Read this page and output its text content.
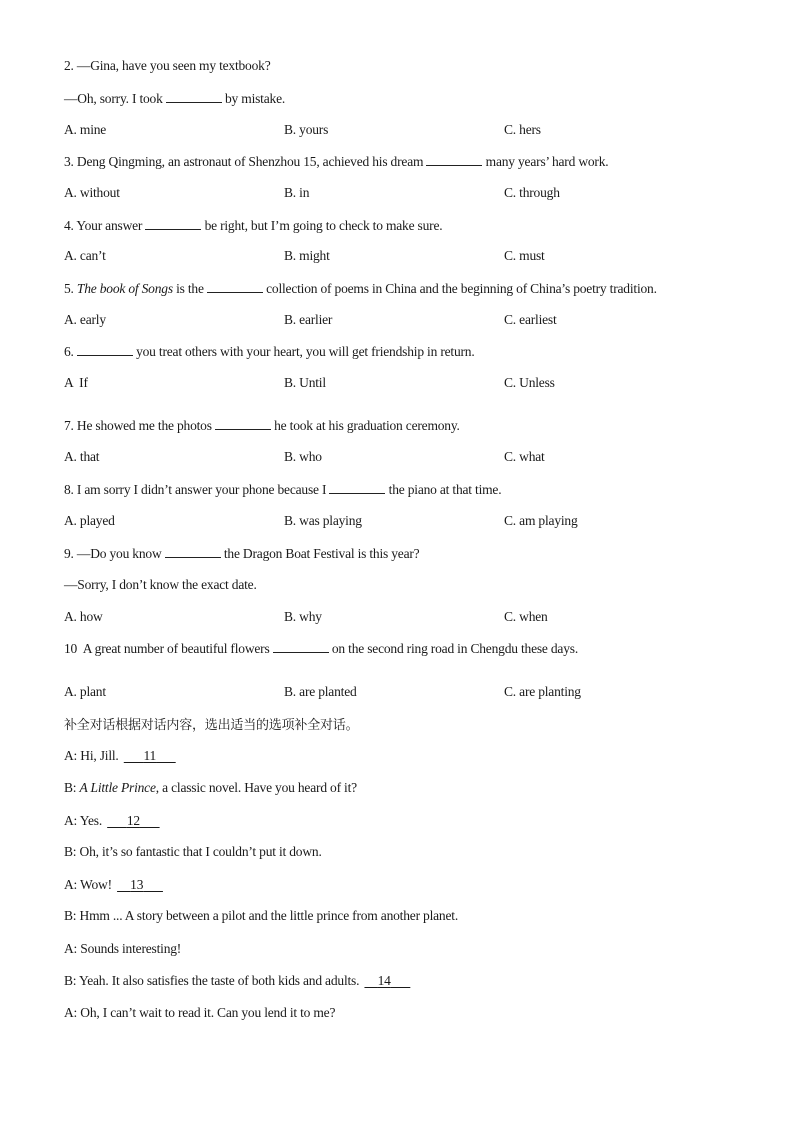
2. —Gina, have you seen my textbook?
—Oh, sorry. I took	by mistake.
A. mine	B. yours	C. hers
3. Deng Qingming, an astronaut of Shenzhou 15, achieved his dream	many years’ hard work.
A. without	B. in	C. through
4. Your answer	be right, but I’m going to check to make sure.
A. can’t	B. might	C. must
5. The book of Songs is the	collection of poems in China and the beginning of China’s poetry tradition.
A. early	B. earlier	C. earliest
6.	you treat others with your heart, you will get friendship in return.
A  If	B. Until	C. Unless
7. He showed me the photos	he took at his graduation ceremony.
A. that	B. who	C. what
8. I am sorry I didn’t answer your phone because I	the piano at that time.
A. played	B. was playing	C. am playing
9. —Do you know	the Dragon Boat Festival is this year?
—Sorry, I don’t know the exact date.
A. how	B. why	C. when
10  A great number of beautiful flowers	on the second ring road in Chengdu these days.
A. plant	B. are planted	C. are planting
补全对话根据对话内容，选出适当的选项补全对话。
A: Hi, Jill.    11   
B: A Little Prince, a classic novel. Have you heard of it?
A: Yes.    12   
B: Oh, it’s so fantastic that I couldn’t put it down.
A: Wow!   13   
B: Hmm ... A story between a pilot and the little prince from another planet.
A: Sounds interesting!
B: Yeah. It also satisfies the taste of both kids and adults.   14   
A: Oh, I can’t wait to read it. Can you lend it to me?
